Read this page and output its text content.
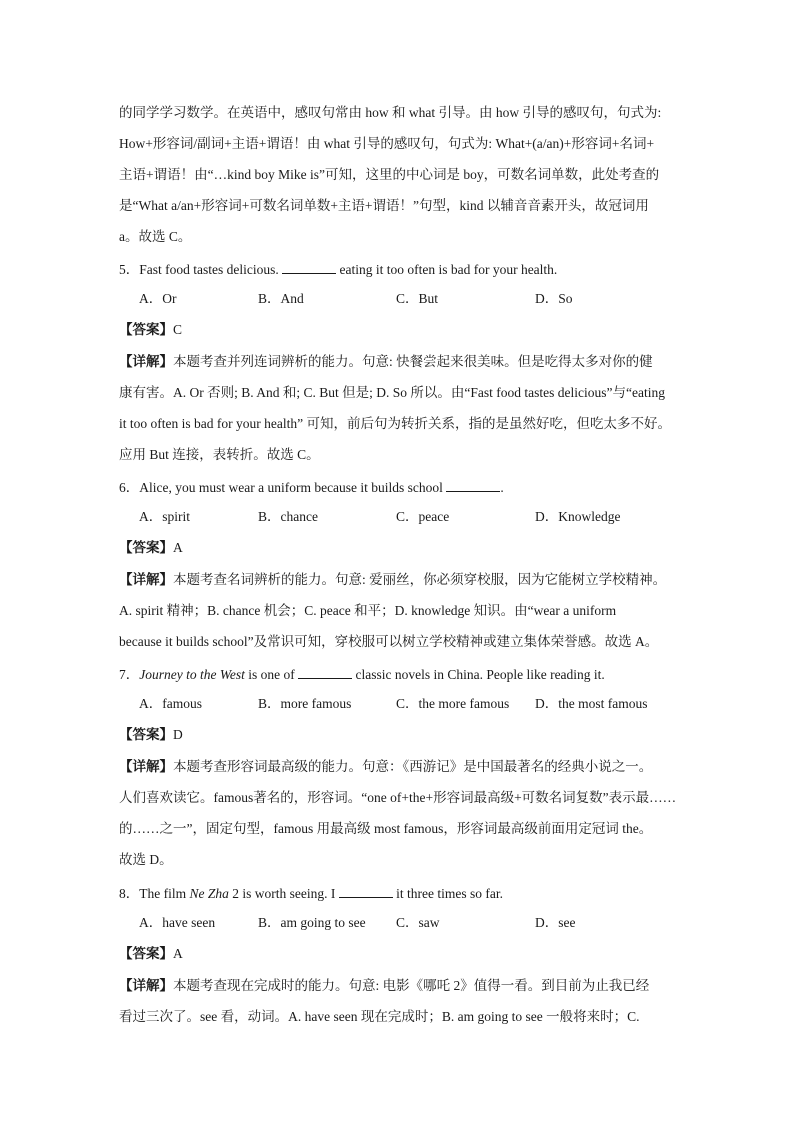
的同学学习数学。在英语中，感叹句常由 how 和 what 引导。由 how 引导的感叹句，句式为:
How+形容词/副词+主语+谓语！由 what 引导的感叹句，句式为: What+(a/an)+形容词+名词+
主语+谓语！由“…kind boy Mike is”可知，这里的中心词是 boy，可数名词单数，此处考查的
是“What a/an+形容词+可数名词单数+主语+谓语！”句型，kind 以辅音音素开头，故冠词用
a。故选 C。
5．Fast food tastes delicious.	eating it too often is bad for your health.
A．Or	B．And	C．But	D．So
【答案】C
【详解】本题考查并列连词辨析的能力。句意: 快餐尝起来很美味。但是吃得太多对你的健
康有害。A. Or 否则; B. And 和; C. But 但是; D. So 所以。由“Fast food tastes delicious”与“eating
it too often is bad for your health” 可知，前后句为转折关系，指的是虽然好吃，但吃太多不好。
应用 But 连接，表转折。故选 C。
6．Alice, you must wear a uniform because it builds school	.
A．spirit	B．chance	C．peace	D．Knowledge
【答案】A
【详解】本题考查名词辨析的能力。句意: 爱丽丝，你必须穿校服，因为它能树立学校精神。
A. spirit 精神；B. chance 机会；C. peace 和平；D. knowledge 知识。由“wear a uniform
because it builds school”及常识可知，穿校服可以树立学校精神或建立集体荣誉感。故选 A。
7．Journey to the West is one of	classic novels in China. People like reading it.
A．famous	B．more famous	C．the more famous D．the most famous
【答案】D
【详解】本题考查形容词最高级的能力。句意：《西游记》是中国最著名的经典小说之一。
人们喜欢读它。famous著名的，形容词。“one of+the+形容词最高级+可数名词复数”表示最……
的……之一”，固定句型，famous 用最高级 most famous，形容词最高级前面用定冠词 the。
故选 D。
8．The film Ne Zha 2 is worth seeing. I	it three times so far.
A．have seen	B．am going to see C．saw	D．see
【答案】A
【详解】本题考查现在完成时的能力。句意: 电影《哪吒 2》值得一看。到目前为止我已经
看过三次了。see 看，动词。A. have seen 现在完成时；B. am going to see 一般将来时；C.
